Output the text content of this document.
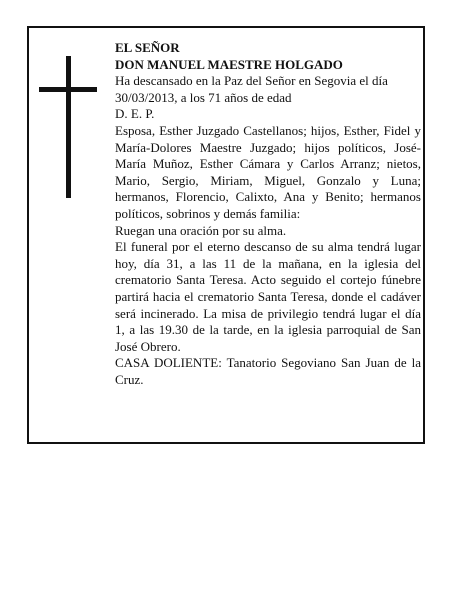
EL SEÑOR

DON MANUEL MAESTRE HOLGADO

Ha descansado en la Paz del Señor en Segovia el día 30/03/2013, a los 71 años de edad

D. E. P.

Esposa, Esther Juzgado Castellanos; hijos, Esther, Fidel y María-Dolores Maestre Juzgado; hijos políticos, José-María Muñoz, Esther Cámara y Carlos Arranz; nietos, Mario, Sergio, Miriam, Miguel, Gonzalo y Luna; hermanos, Florencio, Calixto, Ana y Benito; hermanos políticos, sobrinos y demás familia:

Ruegan una oración por su alma.

El funeral por el eterno descanso de su alma tendrá lugar hoy, día 31, a las 11 de la mañana, en la iglesia del crematorio Santa Teresa. Acto seguido el cortejo fúnebre partirá hacia el crematorio Santa Teresa, donde el cadáver será incinerado. La misa de privilegio tendrá lugar el día 1, a las 19.30 de la tarde, en la iglesia parroquial de San José Obrero.

CASA DOLIENTE: Tanatorio Segoviano San Juan de la Cruz.
